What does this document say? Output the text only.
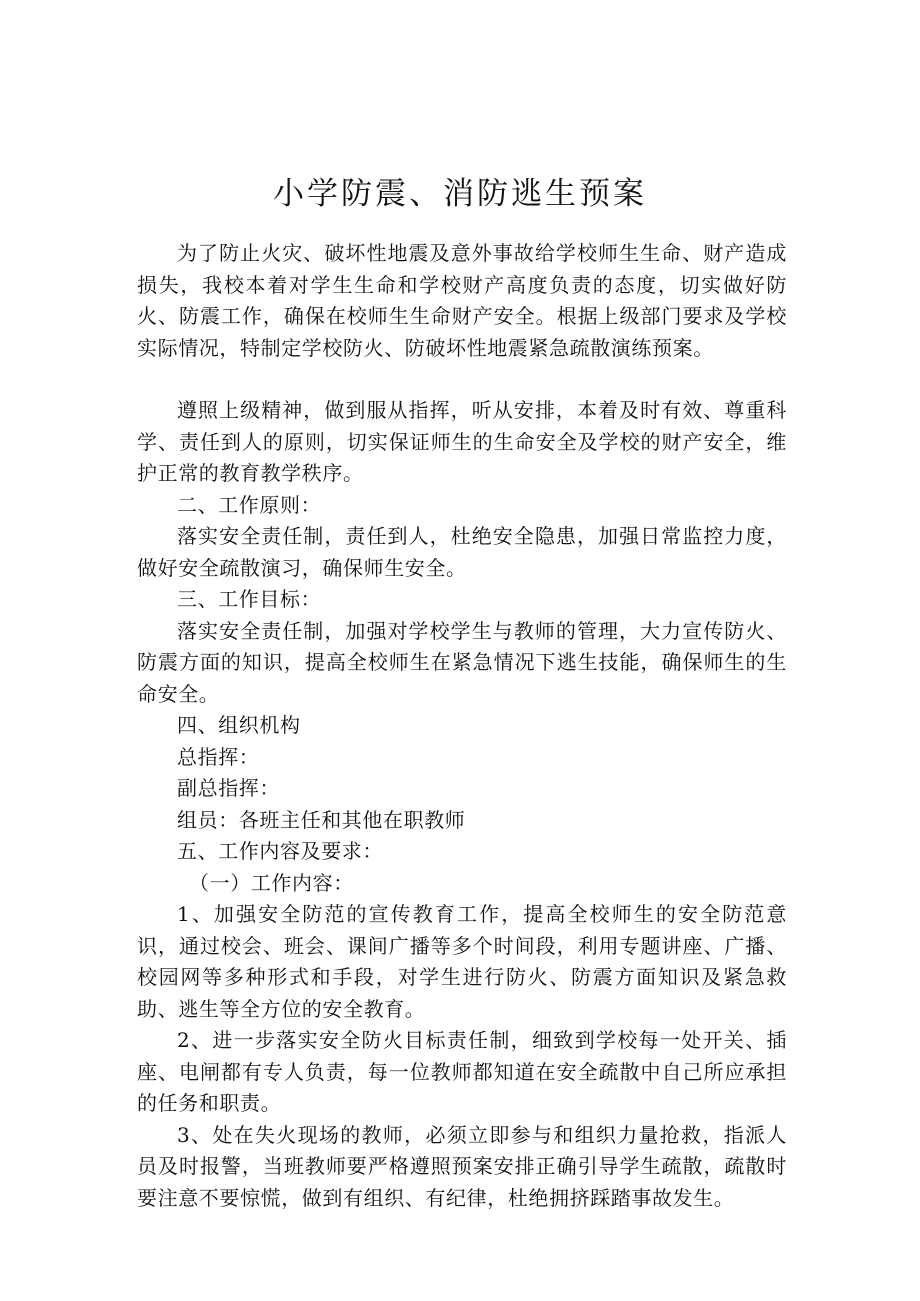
小学防震、消防逃生预案

为了防止火灾、破坏性地震及意外事故给学校师生生命、财产造成损失，我校本着对学生生命和学校财产高度负责的态度，切实做好防火、防震工作，确保在校师生生命财产安全。根据上级部门要求及学校实际情况，特制定学校防火、防破坏性地震紧急疏散演练预案。

遵照上级精神，做到服从指挥，听从安排，本着及时有效、尊重科学、责任到人的原则，切实保证师生的生命安全及学校的财产安全，维护正常的教育教学秩序。

二、工作原则：

落实安全责任制，责任到人，杜绝安全隐患，加强日常监控力度，做好安全疏散演习，确保师生安全。

三、工作目标：

落实安全责任制，加强对学校学生与教师的管理，大力宣传防火、防震方面的知识，提高全校师生在紧急情况下逃生技能，确保师生的生命安全。

四、组织机构

总指挥：

副总指挥：

组员：各班主任和其他在职教师

五、工作内容及要求：

（一）工作内容：

1、加强安全防范的宣传教育工作，提高全校师生的安全防范意识，通过校会、班会、课间广播等多个时间段，利用专题讲座、广播、校园网等多种形式和手段，对学生进行防火、防震方面知识及紧急救助、逃生等全方位的安全教育。

2、进一步落实安全防火目标责任制，细致到学校每一处开关、插座、电闸都有专人负责，每一位教师都知道在安全疏散中自己所应承担的任务和职责。

3、处在失火现场的教师，必须立即参与和组织力量抢救，指派人员及时报警，当班教师要严格遵照预案安排正确引导学生疏散，疏散时要注意不要惊慌，做到有组织、有纪律，杜绝拥挤踩踏事故发生。
